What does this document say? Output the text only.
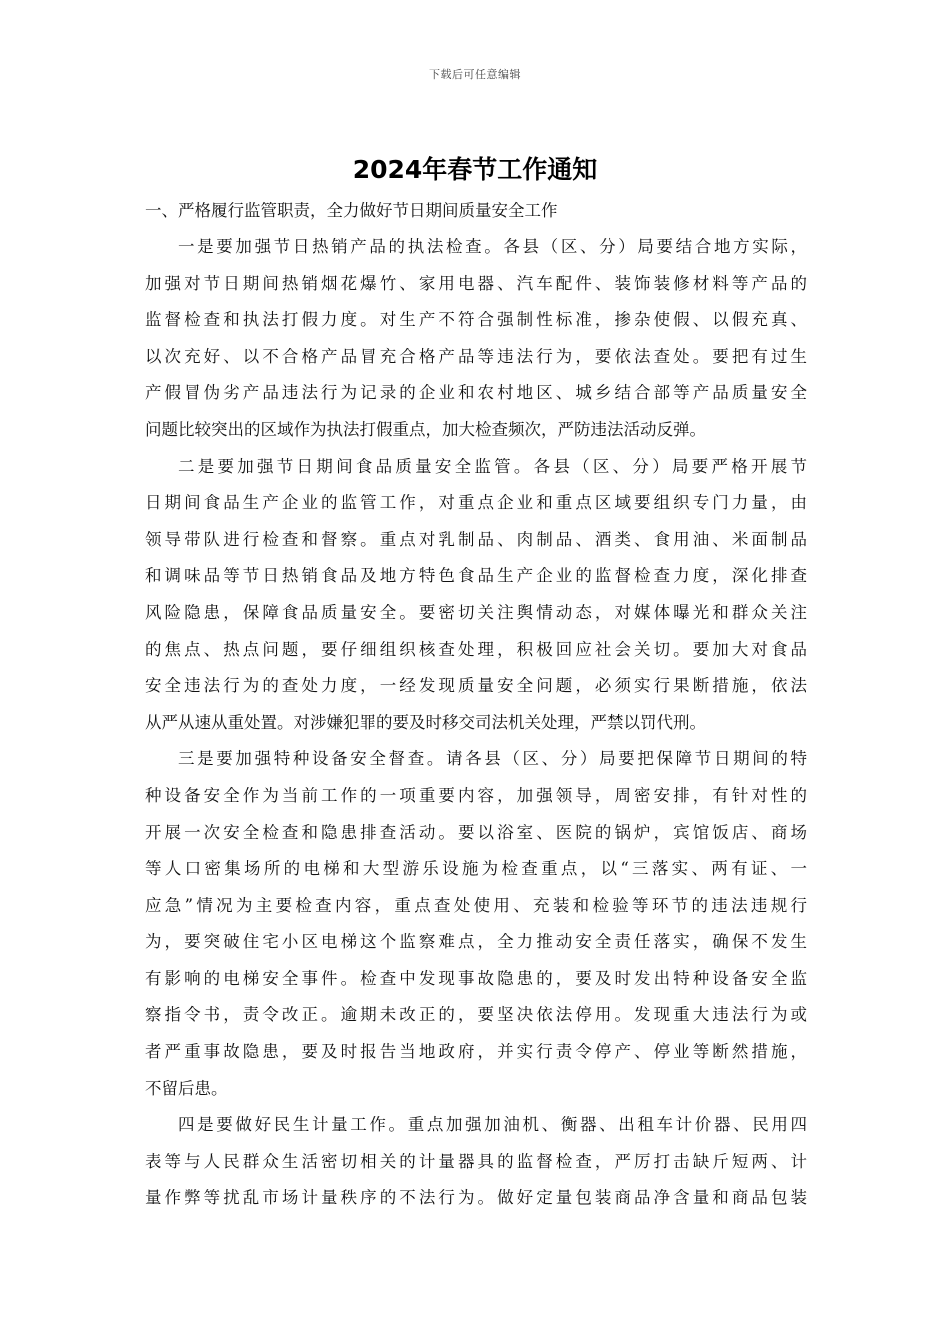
下载后可任意编辑
2024年春节工作通知

一、严格履行监管职责，全力做好节日期间质量安全工作

一是要加强节日热销产品的执法检查。各县（区、分）局要结合地方实际，
加强对节日期间热销烟花爆竹、家用电器、汽车配件、装饰装修材料等产品的
监督检查和执法打假力度。对生产不符合强制性标准，掺杂使假、以假充真、
以次充好、以不合格产品冒充合格产品等违法行为，要依法查处。要把有过生
产假冒伪劣产品违法行为记录的企业和农村地区、城乡结合部等产品质量安全
问题比较突出的区域作为执法打假重点，加大检查频次，严防违法活动反弹。

二是要加强节日期间食品质量安全监管。各县（区、分）局要严格开展节
日期间食品生产企业的监管工作，对重点企业和重点区域要组织专门力量，由
领导带队进行检查和督察。重点对乳制品、肉制品、酒类、食用油、米面制品
和调味品等节日热销食品及地方特色食品生产企业的监督检查力度，深化排查
风险隐患，保障食品质量安全。要密切关注舆情动态，对媒体曝光和群众关注
的焦点、热点问题，要仔细组织核查处理，积极回应社会关切。要加大对食品
安全违法行为的查处力度，一经发现质量安全问题，必须实行果断措施，依法
从严从速从重处置。对涉嫌犯罪的要及时移交司法机关处理，严禁以罚代刑。

三是要加强特种设备安全督查。请各县（区、分）局要把保障节日期间的特
种设备安全作为当前工作的一项重要内容，加强领导，周密安排，有针对性的
开展一次安全检查和隐患排查活动。要以浴室、医院的锅炉，宾馆饭店、商场
等人口密集场所的电梯和大型游乐设施为检查重点，以“三落实、两有证、一
应急”情况为主要检查内容，重点查处使用、充装和检验等环节的违法违规行
为，要突破住宅小区电梯这个监察难点，全力推动安全责任落实，确保不发生
有影响的电梯安全事件。检查中发现事故隐患的，要及时发出特种设备安全监
察指令书，责令改正。逾期未改正的，要坚决依法停用。发现重大违法行为或
者严重事故隐患，要及时报告当地政府，并实行责令停产、停业等断然措施，
不留后患。

四是要做好民生计量工作。重点加强加油机、衡器、出租车计价器、民用四
表等与人民群众生活密切相关的计量器具的监督检查，严厉打击缺斤短两、计
量作弊等扰乱市场计量秩序的不法行为。做好定量包装商品净含量和商品包装
